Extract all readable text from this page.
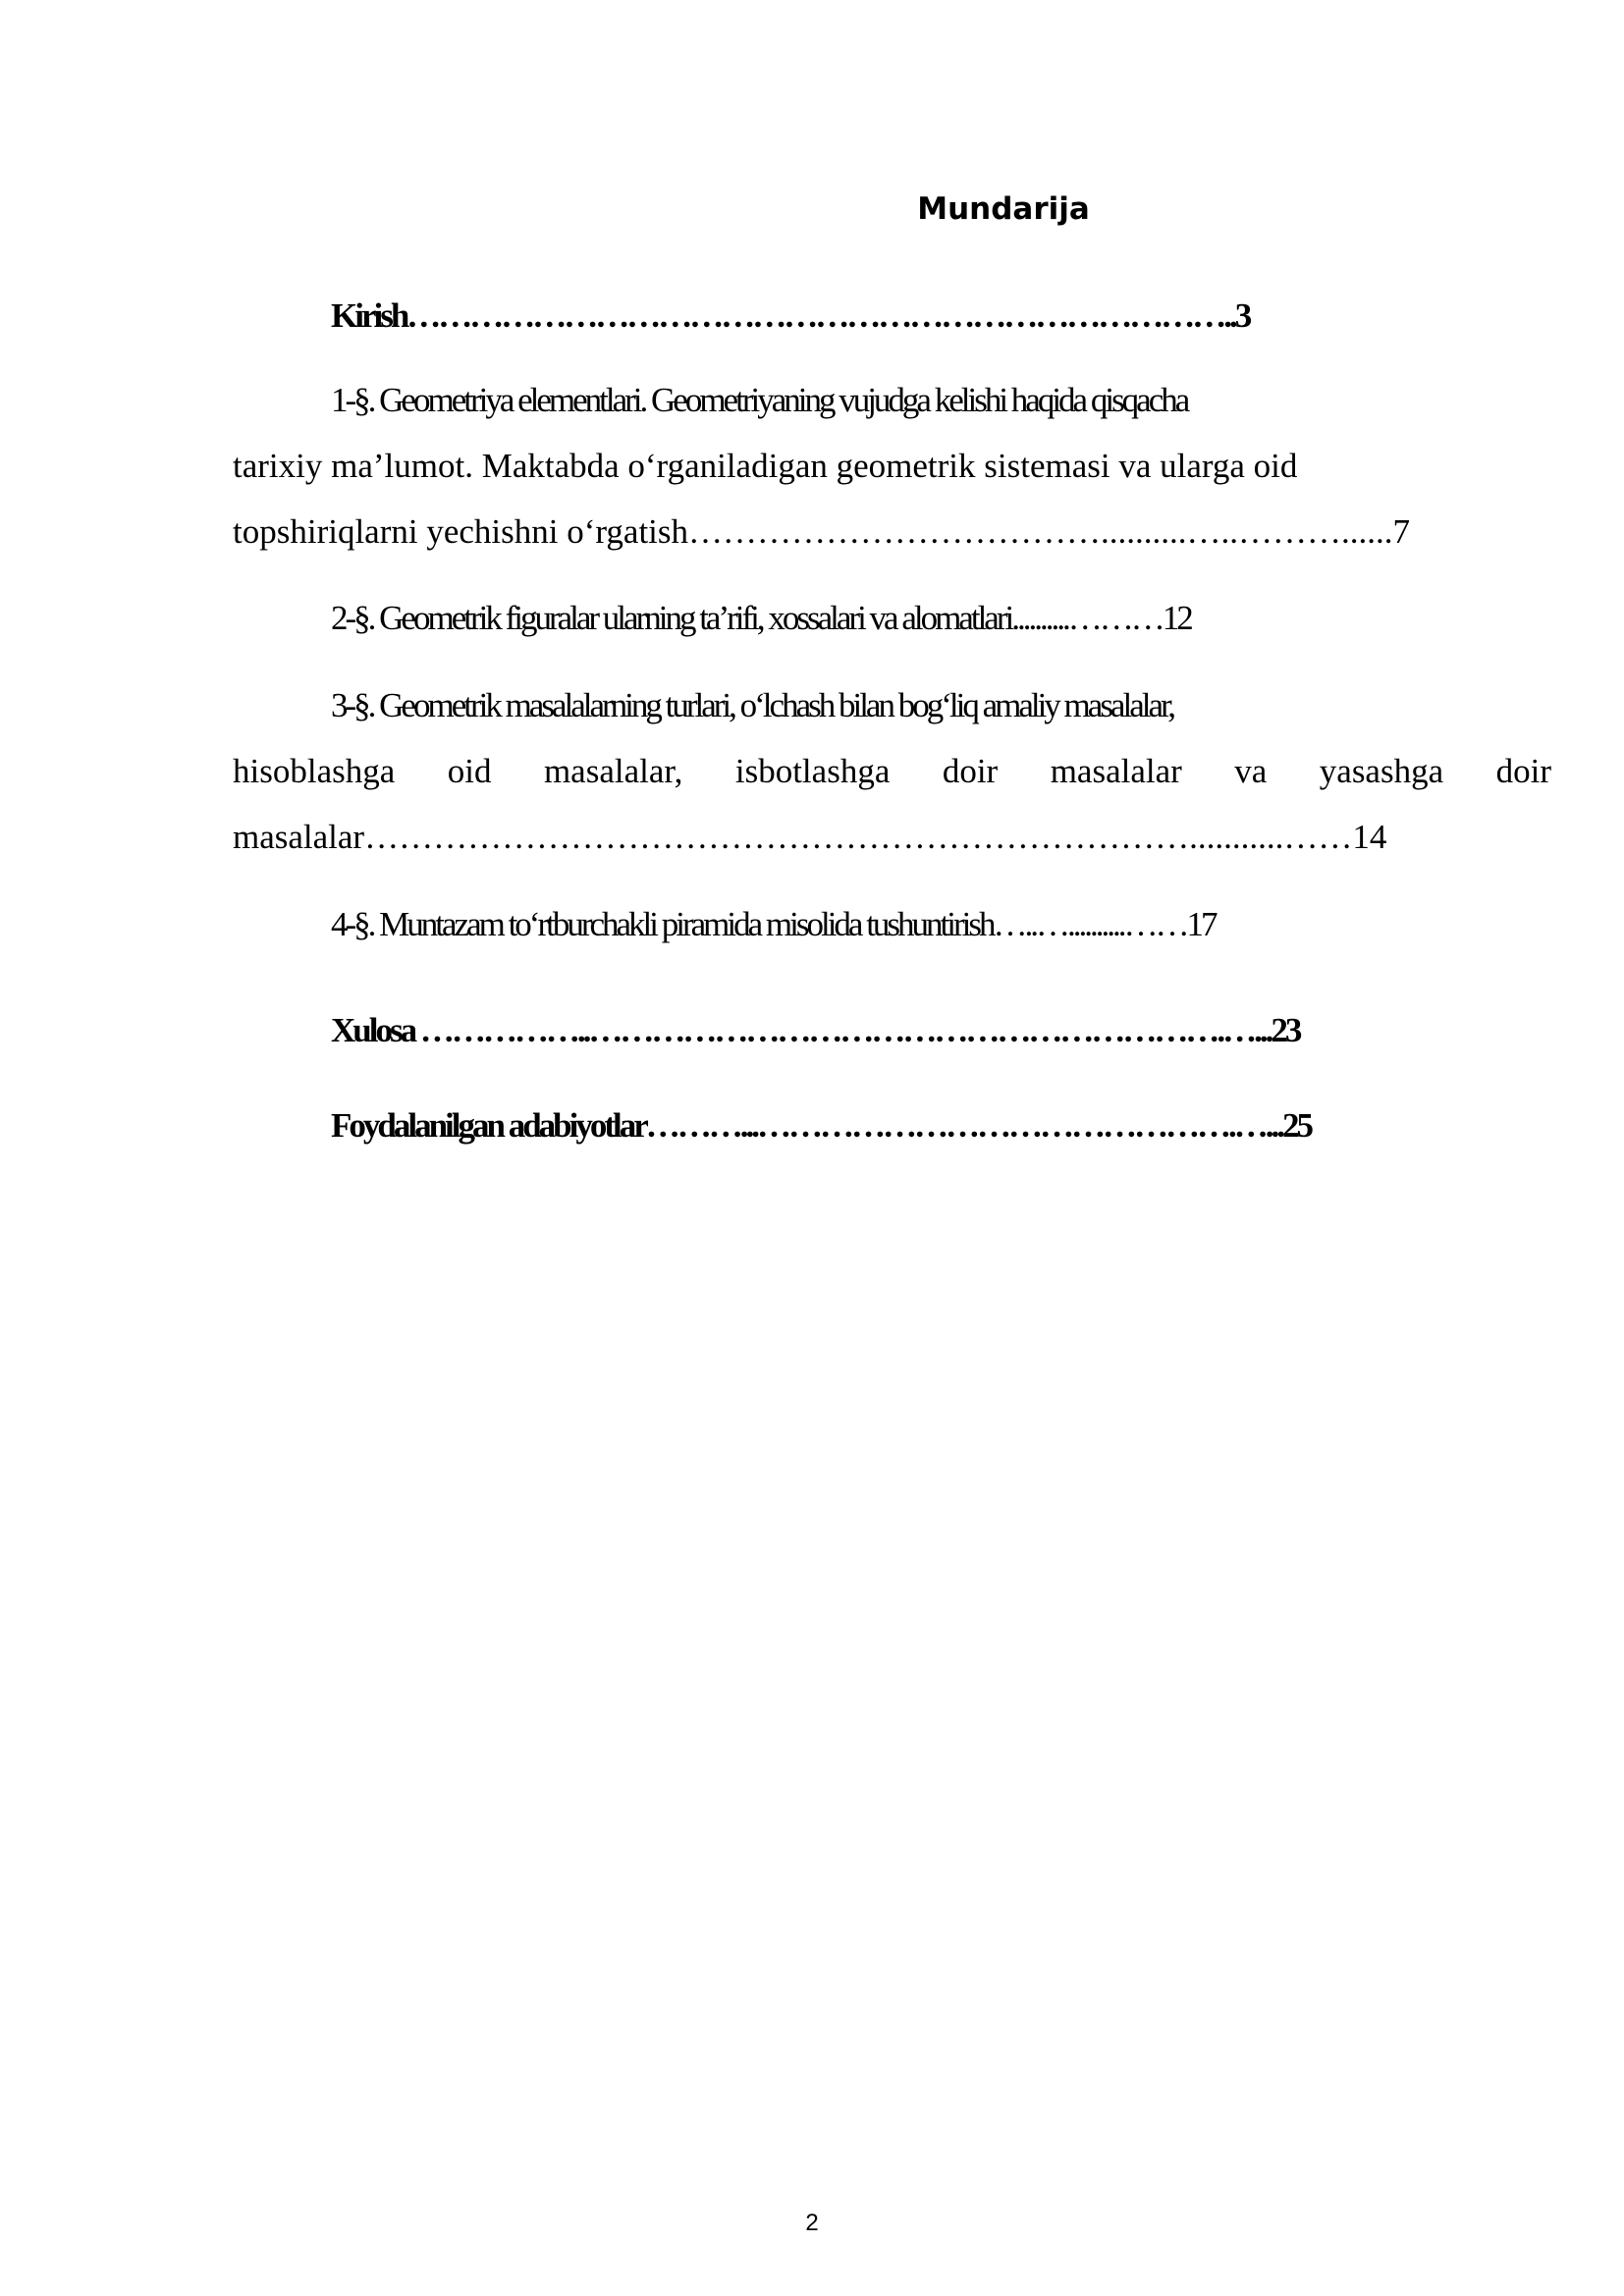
Mundarija
Kirish……………………………………………………………………..3
1-§. Geometriya elementlari. Geometriyaning vujudga kelishi haqida qisqacha
tarixiy ma’lumot. Maktabda o‘rganiladigan geometrik sistemasi va ularga oid
topshiriqlarni yechishni o‘rgatish………………………………..........…..………......7
2-§. Geometrik figuralar ularning ta’rifi, xossalari va alomatlari..........………12
3-§. Geometrik masalalarning turlari, o‘lchash bilan bog‘liq amaliy masalalar,
hisoblashga oid masalalar, isbotlashga doir masalalar va yasashga doir
masalalar………………………………………………………………...........……14
4-§. Muntazam to‘rtburchakli piramida misolida tushuntirish…..…..........……17
Xulosa ……………..…………………………………………………….…...23
Foydalanilgan adabiyotlar………...……………………………………….…...25
2
